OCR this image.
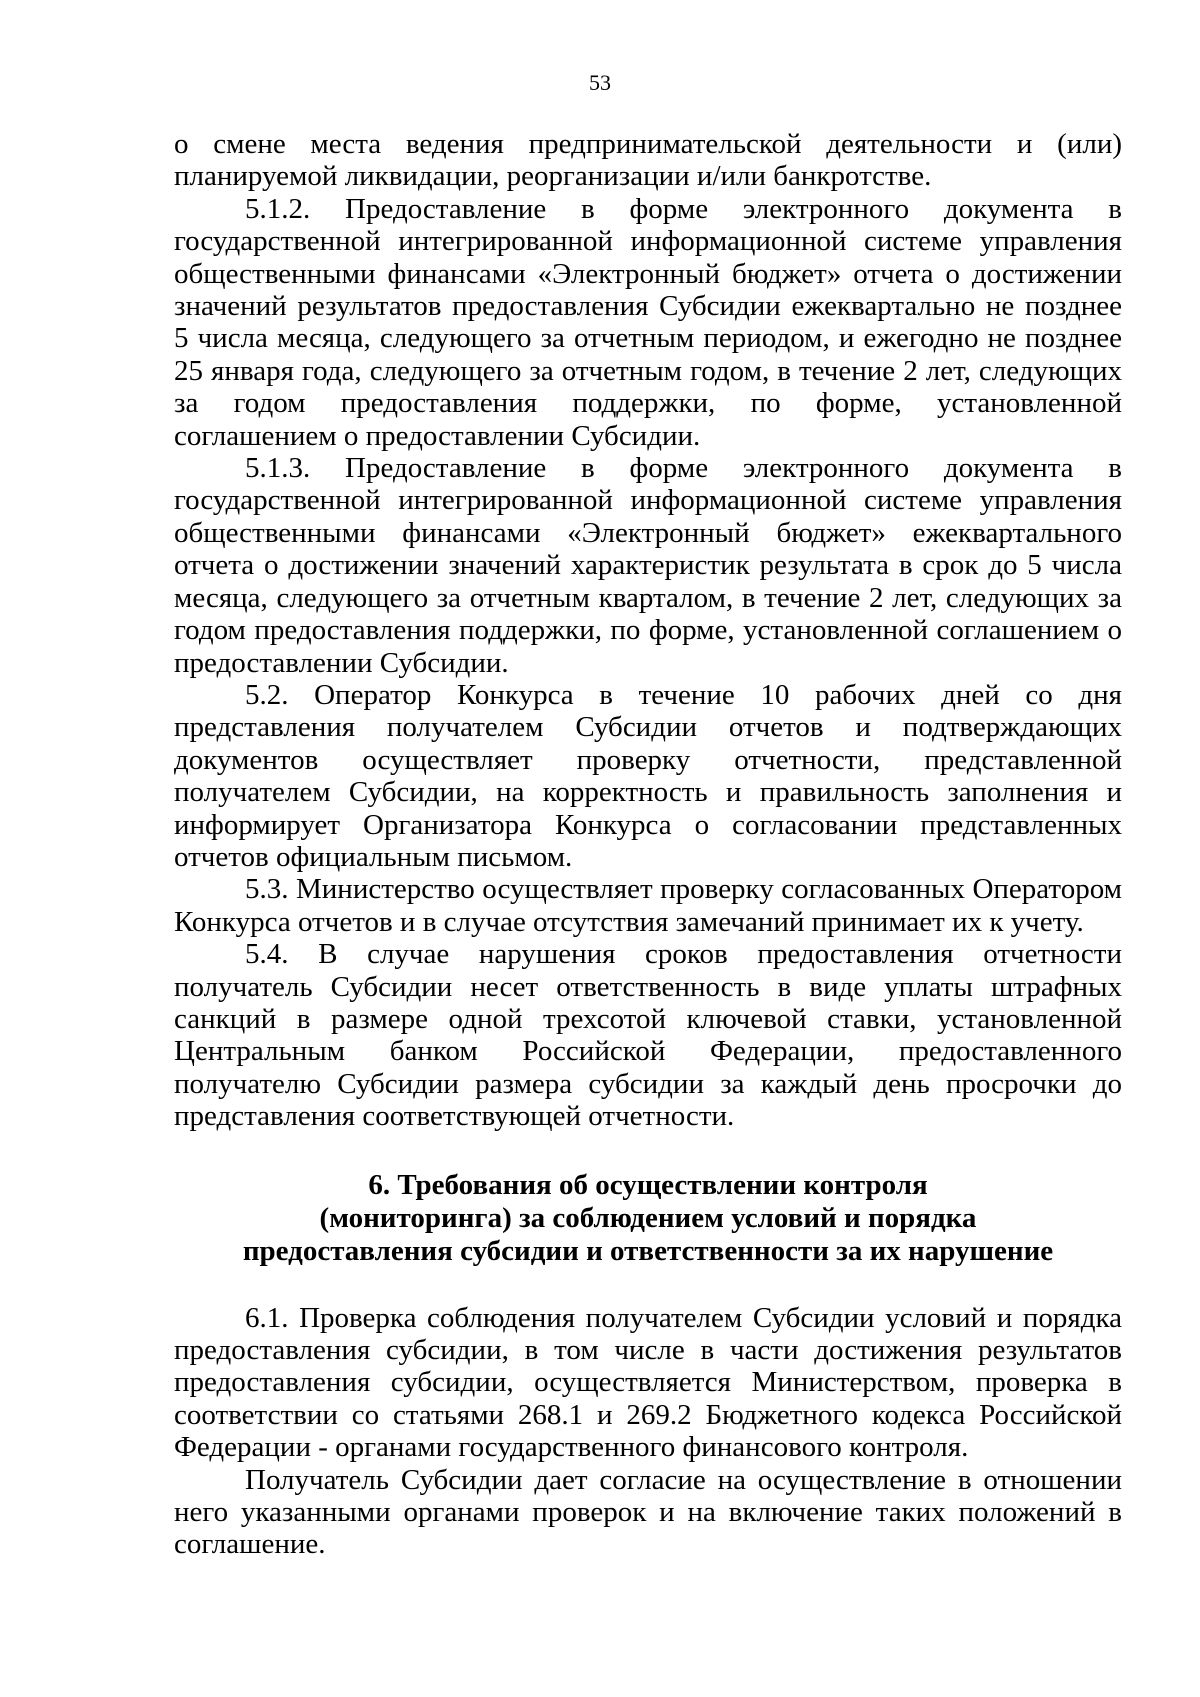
53

о смене места ведения предпринимательской деятельности и (или) планируемой ликвидации, реорганизации и/или банкротстве.

5.1.2. Предоставление в форме электронного документа в государственной интегрированной информационной системе управления общественными финансами «Электронный бюджет» отчета о достижении значений результатов предоставления Субсидии ежеквартально не позднее 5 числа месяца, следующего за отчетным периодом, и ежегодно не позднее 25 января года, следующего за отчетным годом, в течение 2 лет, следующих за годом предоставления поддержки, по форме, установленной соглашением о предоставлении Субсидии.

5.1.3. Предоставление в форме электронного документа в государственной интегрированной информационной системе управления общественными финансами «Электронный бюджет» ежеквартального отчета о достижении значений характеристик результата в срок до 5 числа месяца, следующего за отчетным кварталом, в течение 2 лет, следующих за годом предоставления поддержки, по форме, установленной соглашением о предоставлении Субсидии.

5.2. Оператор Конкурса в течение 10 рабочих дней со дня представления получателем Субсидии отчетов и подтверждающих документов осуществляет проверку отчетности, представленной получателем Субсидии, на корректность и правильность заполнения и информирует Организатора Конкурса о согласовании представленных отчетов официальным письмом.

5.3. Министерство осуществляет проверку согласованных Оператором Конкурса отчетов и в случае отсутствия замечаний принимает их к учету.

5.4. В случае нарушения сроков предоставления отчетности получатель Субсидии несет ответственность в виде уплаты штрафных санкций в размере одной трехсотой ключевой ставки, установленной Центральным банком Российской Федерации, предоставленного получателю Субсидии размера субсидии за каждый день просрочки до представления соответствующей отчетности.

6. Требования об осуществлении контроля
(мониторинга) за соблюдением условий и порядка
предоставления субсидии и ответственности за их нарушение

6.1. Проверка соблюдения получателем Субсидии условий и порядка предоставления субсидии, в том числе в части достижения результатов предоставления субсидии, осуществляется Министерством, проверка в соответствии со статьями 268.1 и 269.2 Бюджетного кодекса Российской Федерации - органами государственного финансового контроля.

Получатель Субсидии дает согласие на осуществление в отношении него указанными органами проверок и на включение таких положений в соглашение.
